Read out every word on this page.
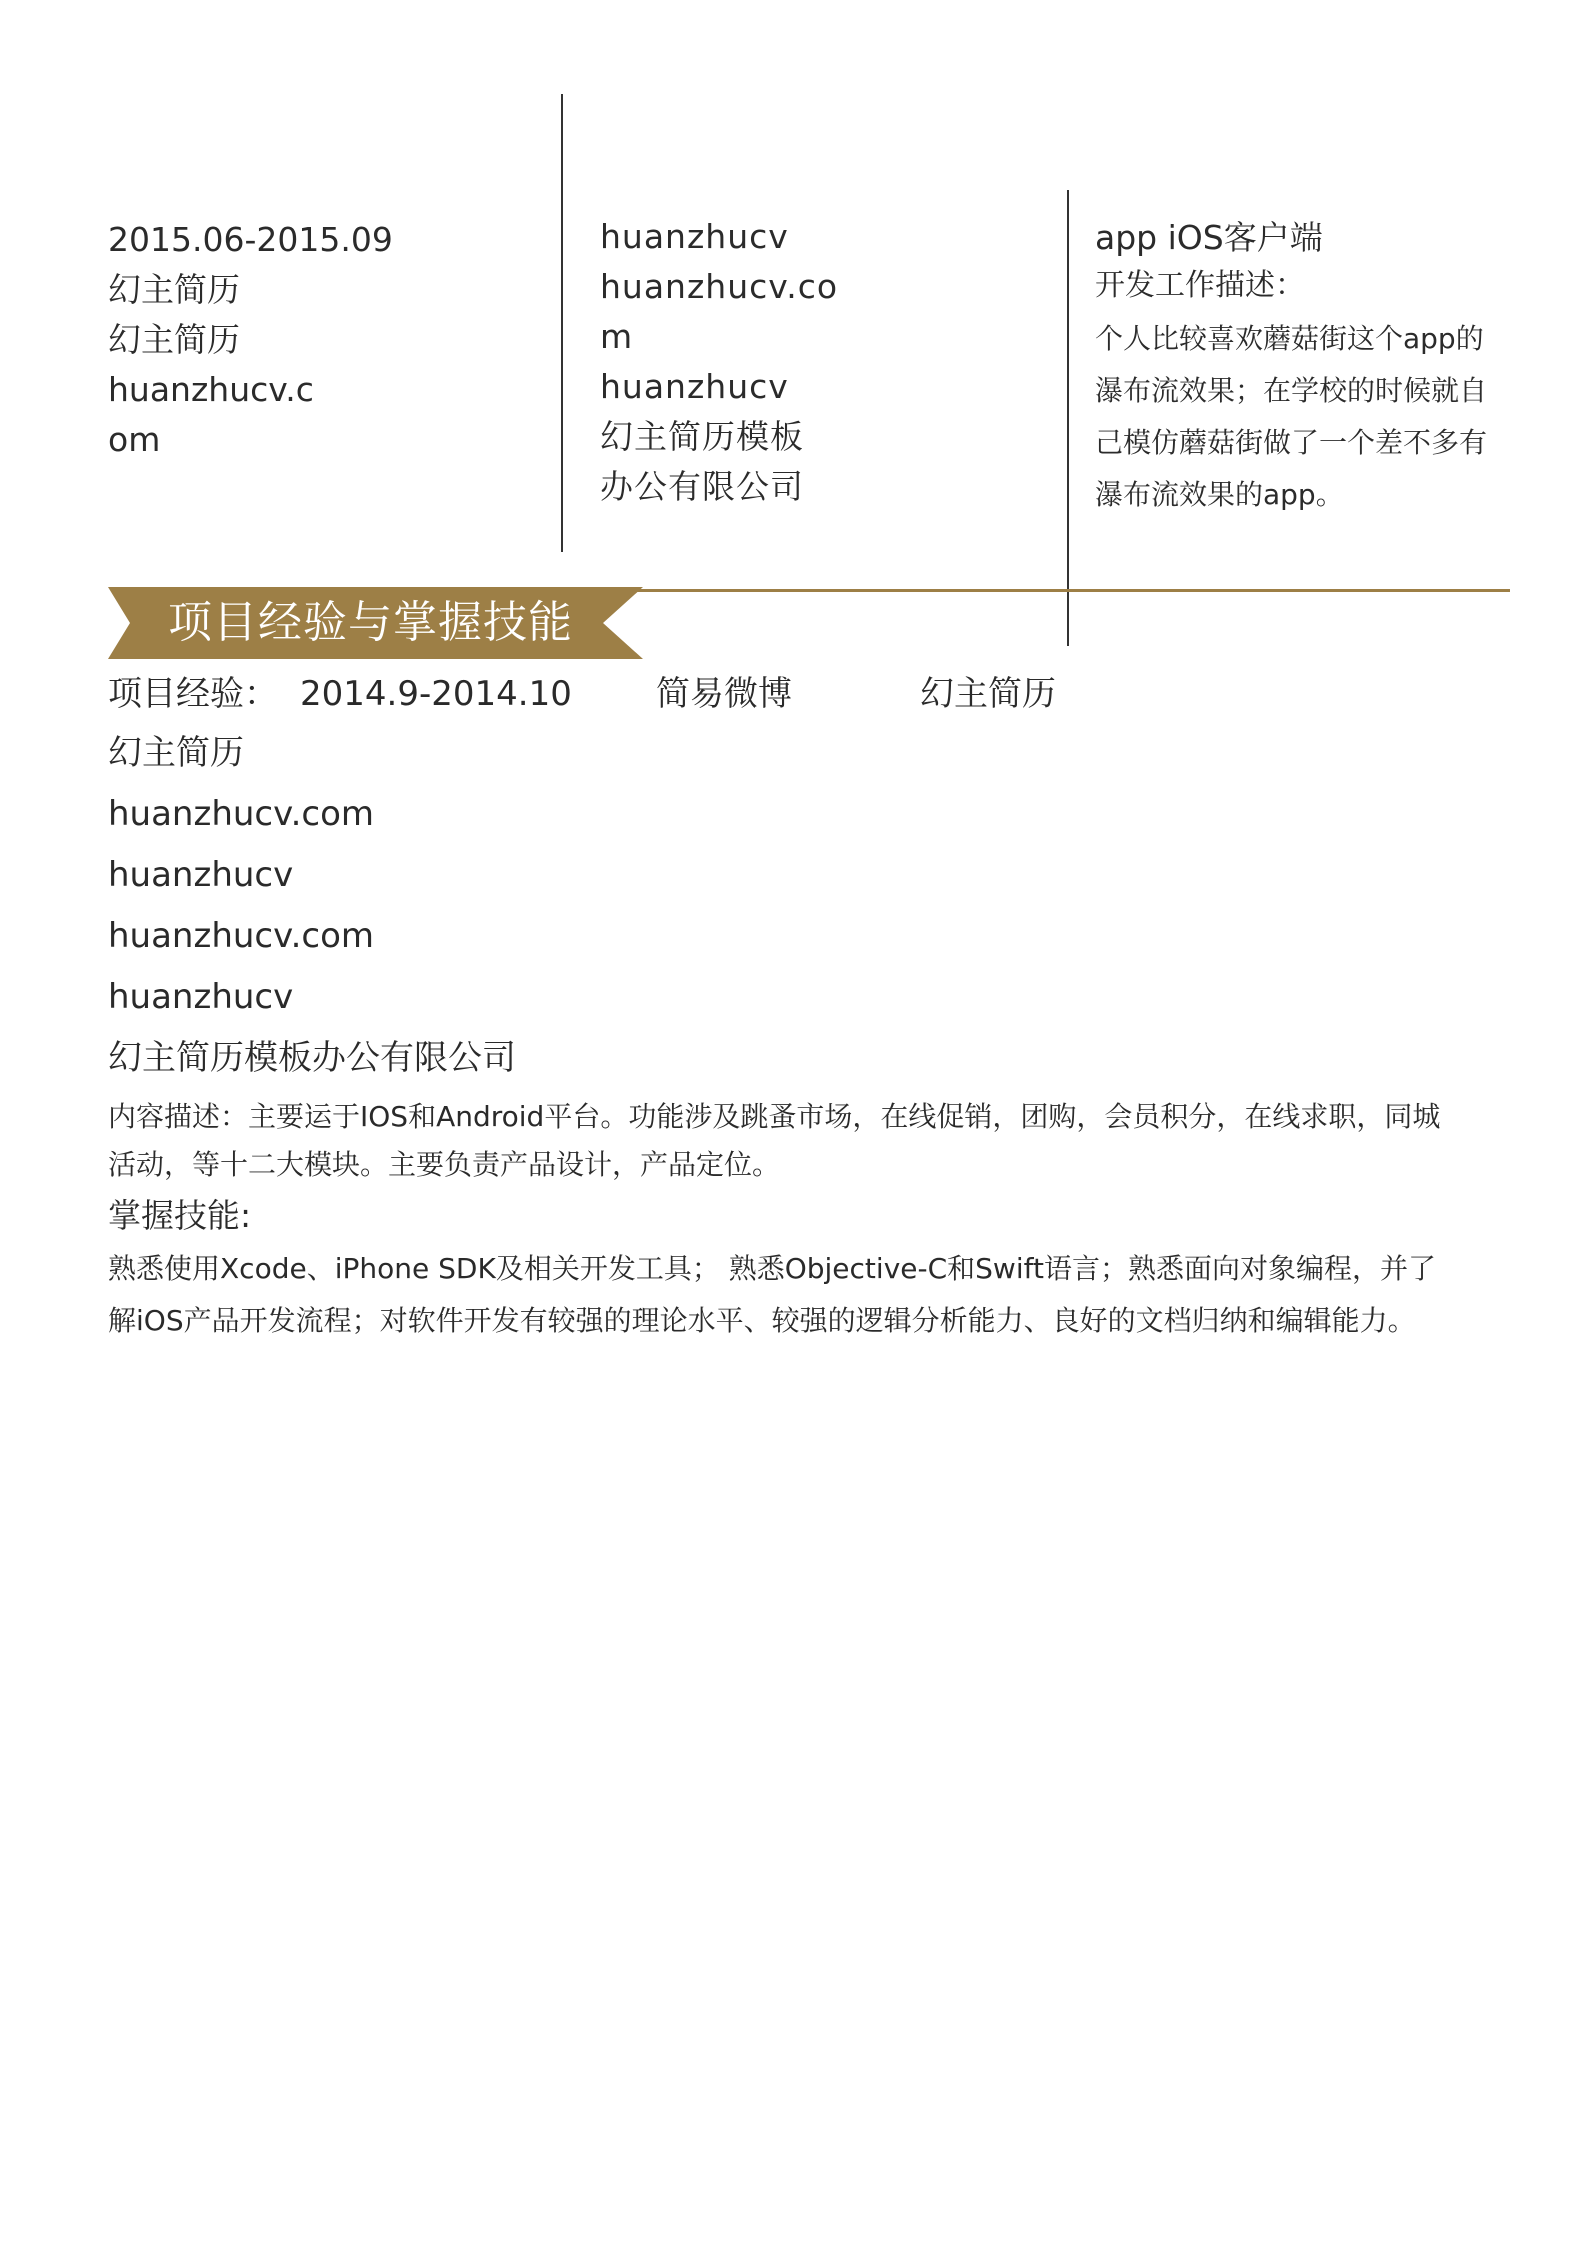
2015.06-2015.09
幻主简历
幻主简历
huanzhucv.c
om
huanzhucv
huanzhucv.co
m
huanzhucv
幻主简历模板
办公有限公司
app iOS客户端
开发工作描述：
个人比较喜欢蘑菇街这个app的瀑布流效果；在学校的时候就自己模仿蘑菇街做了一个差不多有瀑布流效果的app。
项目经验与掌握技能
项目经验： 2014.9-2014.10 简易微博	幻主简历
幻主简历
huanzhucv.com
huanzhucv
huanzhucv.com
huanzhucv
幻主简历模板办公有限公司
内容描述：主要运于IOS和Android平台。功能涉及跳蚤市场，在线促销，团购，会员积分，在线求职，同城活动，等十二大模块。主要负责产品设计，产品定位。
掌握技能:
熟悉使用Xcode、iPhone SDK及相关开发工具； 熟悉Objective-C和Swift语言；熟悉面向对象编程，并了解iOS产品开发流程；对软件开发有较强的理论水平、较强的逻辑分析能力、良好的文档归纳和编辑能力。
